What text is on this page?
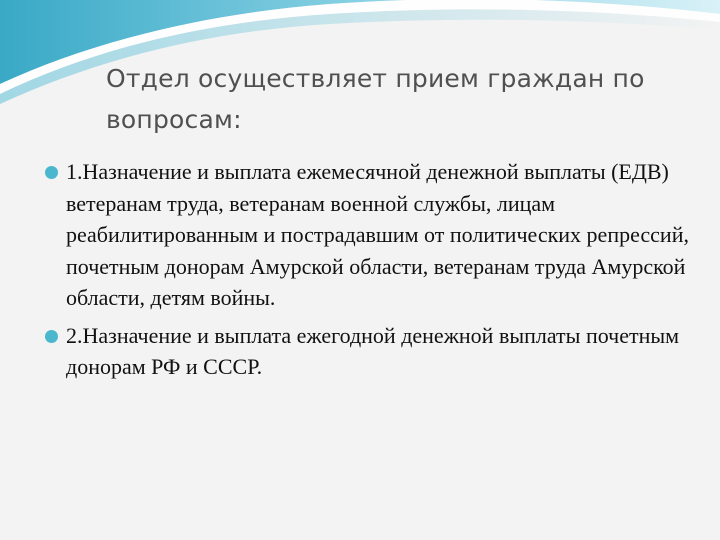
Отдел осуществляет прием граждан по вопросам:
1.Назначение и выплата ежемесячной денежной выплаты (ЕДВ) ветеранам труда, ветеранам военной службы, лицам реабилитированным и пострадавшим от политических репрессий, почетным донорам Амурской области, ветеранам труда Амурской области, детям войны.
2.Назначение и выплата ежегодной денежной выплаты почетным донорам РФ и СССР.
